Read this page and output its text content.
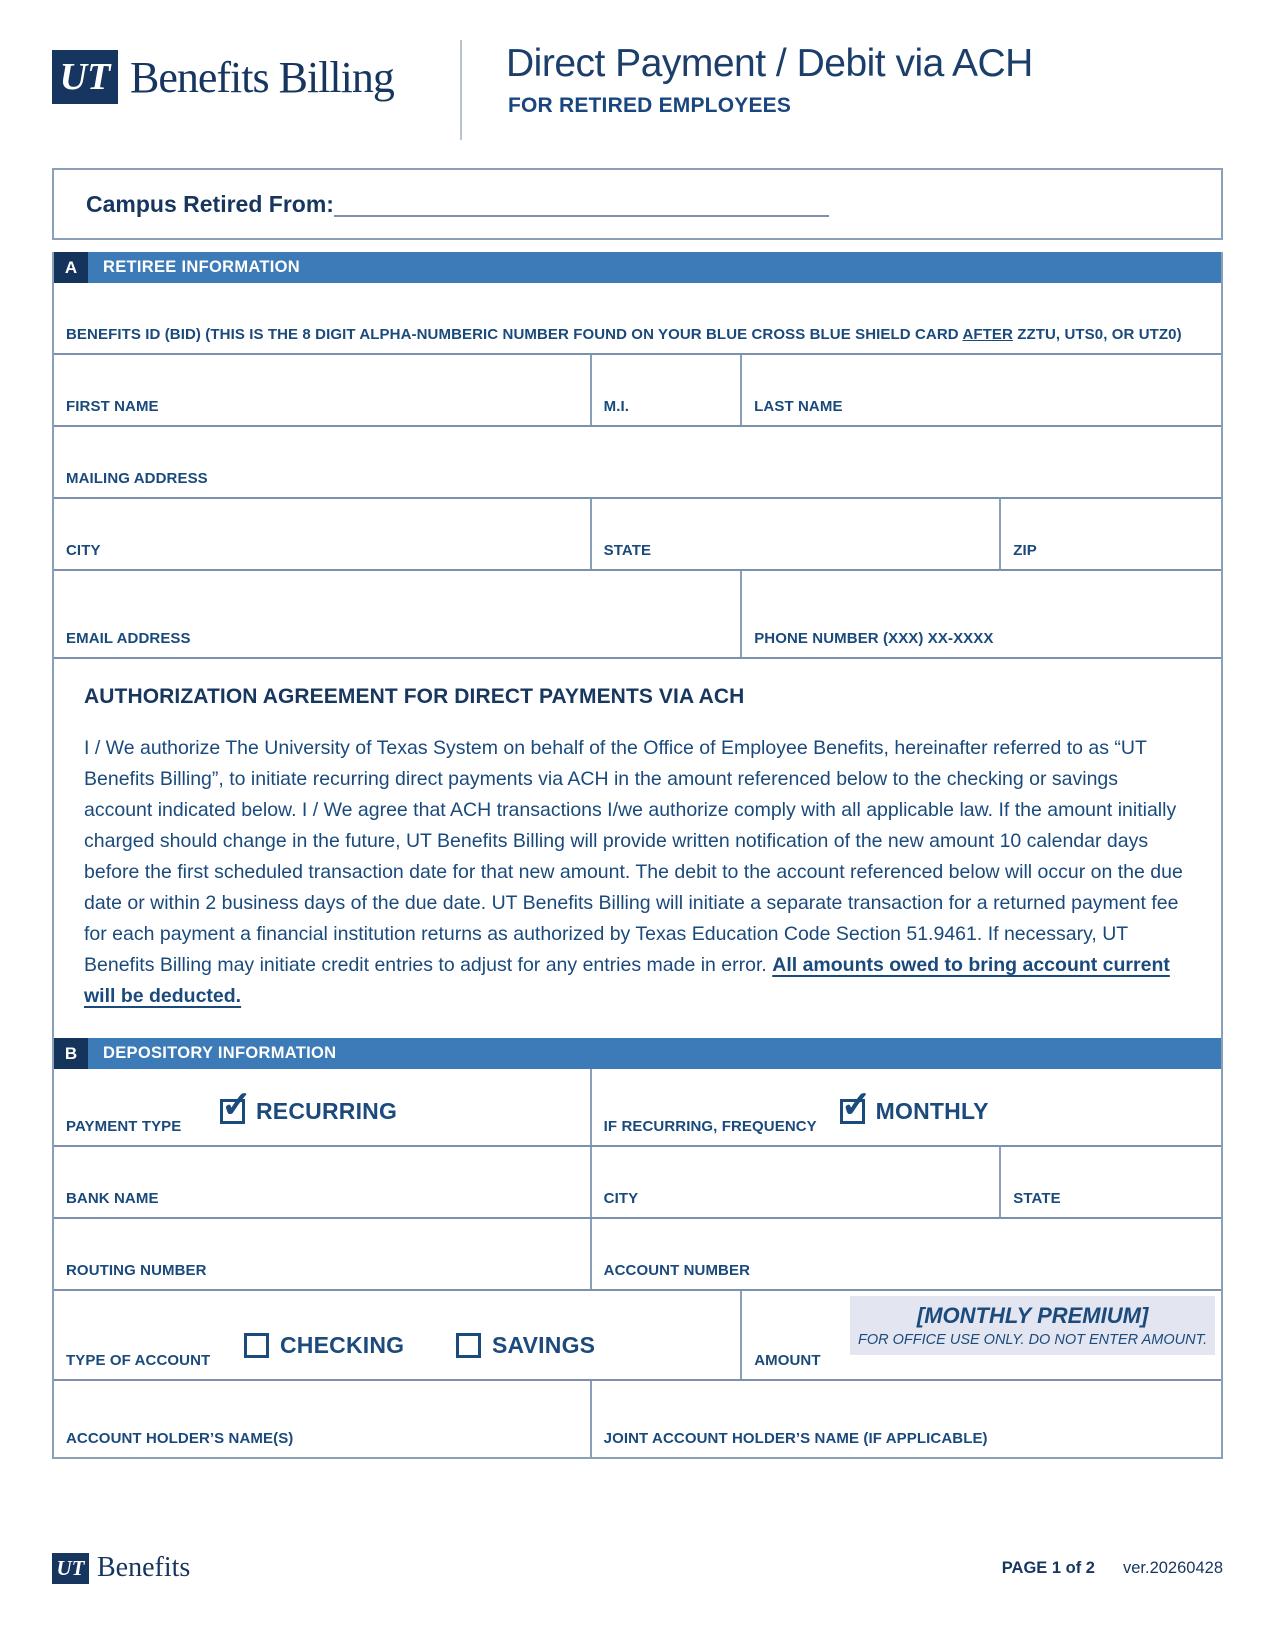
UT Benefits Billing	Direct Payment / Debit via ACH
FOR RETIRED EMPLOYEES
Campus Retired From:
A	RETIREE INFORMATION
BENEFITS ID (BID) (THIS IS THE 8 DIGIT ALPHA-NUMBERIC NUMBER FOUND ON YOUR BLUE CROSS BLUE SHIELD CARD AFTER ZZTU, UTS0, OR UTZ0)
FIRST NAME	M.I.	LAST NAME
MAILING ADDRESS
CITY	STATE	ZIP
EMAIL ADDRESS	PHONE NUMBER (XXX) XX-XXXX
AUTHORIZATION AGREEMENT FOR DIRECT PAYMENTS VIA ACH

I / We authorize The University of Texas System on behalf of the Office of Employee Benefits, hereinafter referred to as “UT Benefits Billing”, to initiate recurring direct payments via ACH in the amount referenced below to the checking or savings account indicated below. I / We agree that ACH transactions I/we authorize comply with all applicable law. If the amount initially charged should change in the future, UT Benefits Billing will provide written notification of the new amount 10 calendar days before the first scheduled transaction date for that new amount. The debit to the account referenced below will occur on the due date or within 2 business days of the due date. UT Benefits Billing will initiate a separate transaction for a returned payment fee for each payment a financial institution returns as authorized by Texas Education Code Section 51.9461. If necessary, UT Benefits Billing may initiate credit entries to adjust for any entries made in error. All amounts owed to bring account current will be deducted.

B	DEPOSITORY INFORMATION
PAYMENT TYPE
✓
RECURRING
IF RECURRING, FREQUENCY
✓
MONTHLY
BANK NAME	CITY	STATE
ROUTING NUMBER	ACCOUNT NUMBER
TYPE OF ACCOUNT
CHECKING	SAVINGS
AMOUNT
[MONTHLY PREMIUM]
FOR OFFICE USE ONLY. DO NOT ENTER AMOUNT.
ACCOUNT HOLDER’S NAME(S)	JOINT ACCOUNT HOLDER’S NAME (IF APPLICABLE)
UT Benefits	PAGE 1 of 2 ver.20260428
